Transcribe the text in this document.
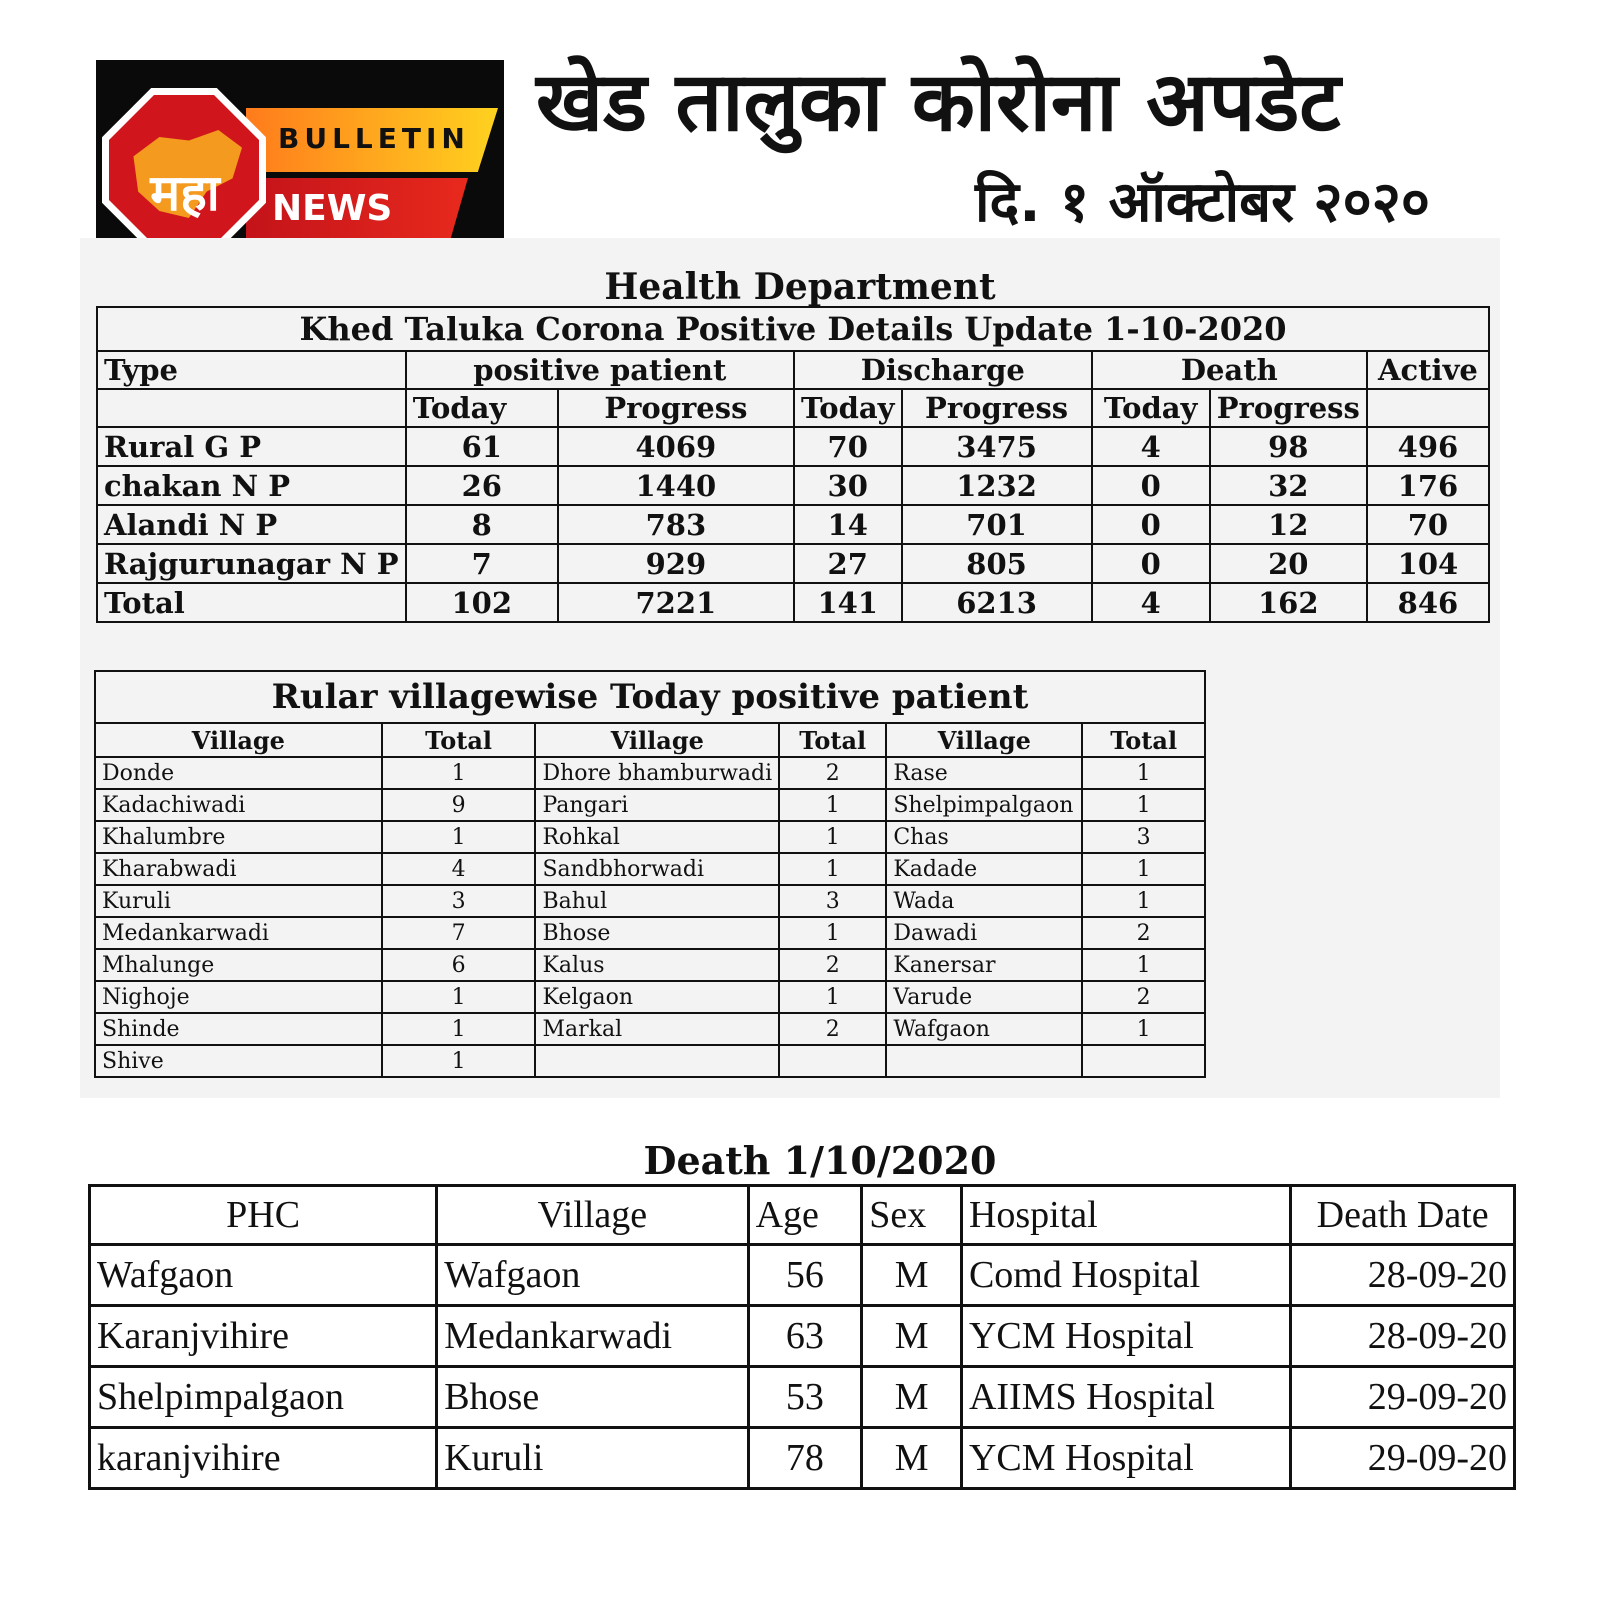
महा
BULLETIN
NEWS
खेड तालुका कोरोना अपडेट
दि. १ ऑक्टोबर २०२०
Health Department
Khed Taluka Corona Positive Details Update 1-10-2020							
Type	positive patient		Discharge		Death		Active
	Today	Progress	Today	Progress	Today	Progress	
Rural G P	61	4069	70	3475	4	98	496
chakan N P	26	1440	30	1232	0	32	176
Alandi N P	8	783	14	701	0	12	70
Rajgurunagar N P	7	929	27	805	0	20	104
Total	102	7221	141	6213	4	162	846
Rular villagewise Today positive patient					
Village	Total	Village	Total	Village	Total
Donde	1	Dhore bhamburwadi	2	Rase	1
Kadachiwadi	9	Pangari	1	Shelpimpalgaon	1
Khalumbre	1	Rohkal	1	Chas	3
Kharabwadi	4	Sandbhorwadi	1	Kadade	1
Kuruli	3	Bahul	3	Wada	1
Medankarwadi	7	Bhose	1	Dawadi	2
Mhalunge	6	Kalus	2	Kanersar	1
Nighoje	1	Kelgaon	1	Varude	2
Shinde	1	Markal	2	Wafgaon	1
Shive	1				
Death 1/10/2020
PHC	Village	Age	Sex	Hospital	Death Date
Wafgaon	Wafgaon	56	M	Comd Hospital	28-09-20
Karanjvihire	Medankarwadi	63	M	YCM Hospital	28-09-20
Shelpimpalgaon	Bhose	53	M	AIIMS Hospital	29-09-20
karanjvihire	Kuruli	78	M	YCM Hospital	29-09-20
